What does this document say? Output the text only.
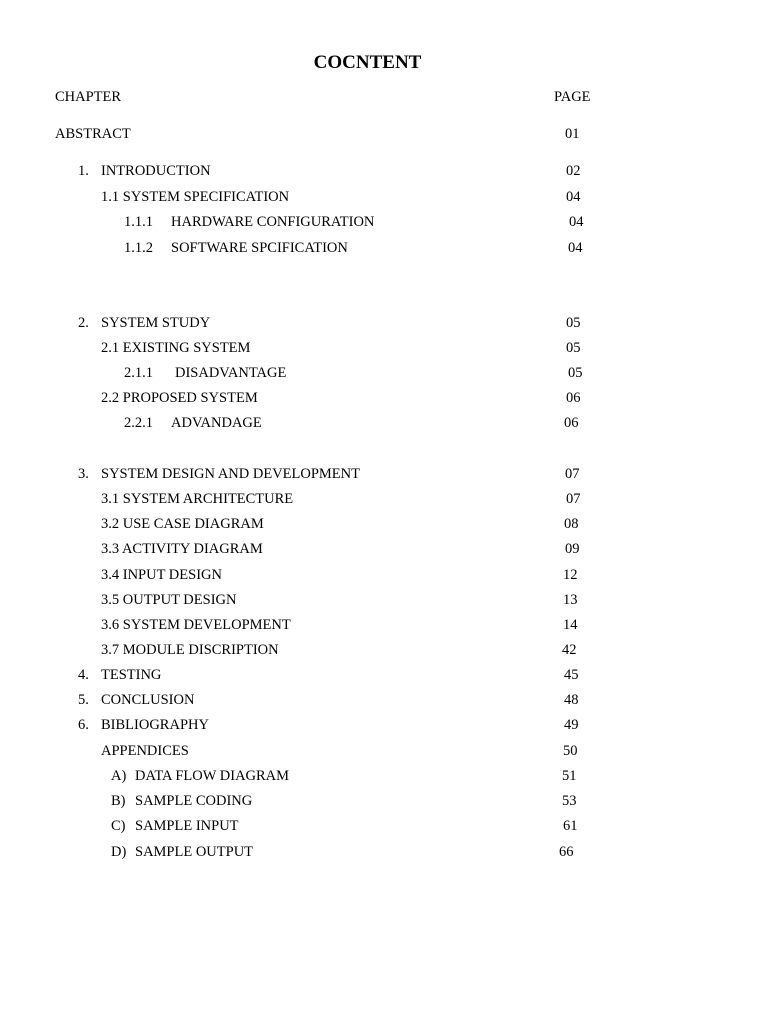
COCNTENT
CHAPTER	PAGE
ABSTRACT	01
1. INTRODUCTION	02
1.1 SYSTEM SPECIFICATION	04
1.1.1 HARDWARE CONFIGURATION	04
1.1.2 SOFTWARE SPCIFICATION	04
2. SYSTEM STUDY	05
2.1 EXISTING SYSTEM	05
2.1.1 DISADVANTAGE	05
2.2 PROPOSED SYSTEM	06
2.2.1 ADVANDAGE	06
3. SYSTEM DESIGN AND DEVELOPMENT	07
3.1 SYSTEM ARCHITECTURE	07
3.2 USE CASE DIAGRAM	08
3.3 ACTIVITY DIAGRAM	09
3.4 INPUT DESIGN	12
3.5 OUTPUT DESIGN	13
3.6 SYSTEM DEVELOPMENT	14
3.7 MODULE DISCRIPTION	42
4. TESTING	45
5. CONCLUSION	48
6. BIBLIOGRAPHY	49
APPENDICES	50
A) DATA FLOW DIAGRAM	51
B) SAMPLE CODING	53
C) SAMPLE INPUT	61
D) SAMPLE OUTPUT	66
